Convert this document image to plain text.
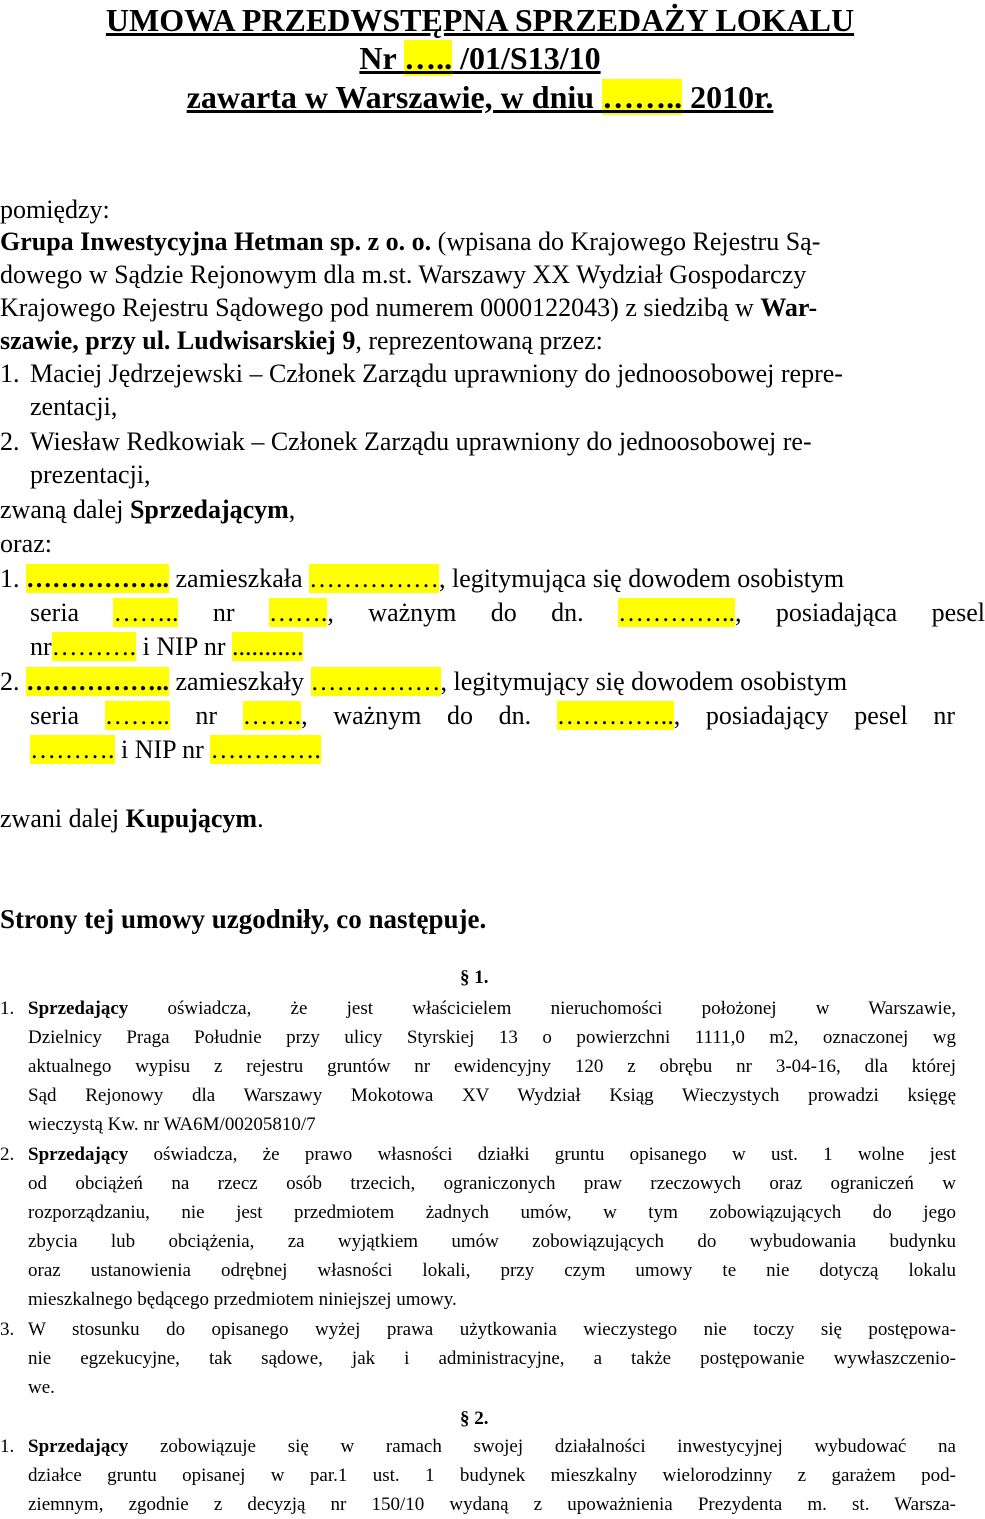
UMOWA PRZEDWSTĘPNA SPRZEDAŻY LOKALU
Nr ….. /01/S13/10
zawarta w Warszawie, w dniu …….. 2010r.
pomiędzy:
Grupa Inwestycyjna Hetman sp. z o. o. (wpisana do Krajowego Rejestru Są-
dowego w Sądzie Rejonowym dla m.st. Warszawy XX Wydział Gospodarczy
Krajowego Rejestru Sądowego pod numerem 0000122043) z siedzibą w War-
szawie, przy ul. Ludwisarskiej 9, reprezentowaną przez:
1. Maciej Jędrzejewski – Członek Zarządu uprawniony do jednoosobowej repre-
zentacji,
2. Wiesław Redkowiak – Członek Zarządu uprawniony do jednoosobowej re-
prezentacji,
zwaną dalej Sprzedającym,
oraz:
1. …………….. zamieszkała ……………, legitymująca się dowodem osobistym
seria …….. nr ……., ważnym do dn. ………….., posiadająca pesel
nr………. i NIP nr ...........
2. …………….. zamieszkały ……………, legitymujący się dowodem osobistym
seria …….. nr ……., ważnym do dn. ………….., posiadający pesel nr
………. i NIP nr ………….
zwani dalej Kupującym.
Strony tej umowy uzgodniły, co następuje.
§ 1.
1. Sprzedający oświadcza, że jest właścicielem nieruchomości położonej w Warszawie,
Dzielnicy Praga Południe przy ulicy Styrskiej 13 o powierzchni 1111,0 m2, oznaczonej wg
aktualnego wypisu z rejestru gruntów nr ewidencyjny 120 z obrębu nr 3-04-16, dla której
Sąd Rejonowy dla Warszawy Mokotowa XV Wydział Ksiąg Wieczystych prowadzi księgę
wieczystą Kw. nr WA6M/00205810/7
2. Sprzedający oświadcza, że prawo własności działki gruntu opisanego w ust. 1 wolne jest
od obciążeń na rzecz osób trzecich, ograniczonych praw rzeczowych oraz ograniczeń w
rozporządzaniu, nie jest przedmiotem żadnych umów, w tym zobowiązujących do jego
zbycia lub obciążenia, za wyjątkiem umów zobowiązujących do wybudowania budynku
oraz ustanowienia odrębnej własności lokali, przy czym umowy te nie dotyczą lokalu
mieszkalnego będącego przedmiotem niniejszej umowy.
3. W stosunku do opisanego wyżej prawa użytkowania wieczystego nie toczy się postępowa-
nie egzekucyjne, tak sądowe, jak i administracyjne, a także postępowanie wywłaszczenio-
we.
§ 2.
1. Sprzedający zobowiązuje się w ramach swojej działalności inwestycyjnej wybudować na
działce gruntu opisanej w par.1 ust. 1 budynek mieszkalny wielorodzinny z garażem pod-
ziemnym, zgodnie z decyzją nr 150/10 wydaną z upoważnienia Prezydenta m. st. Warsza-
